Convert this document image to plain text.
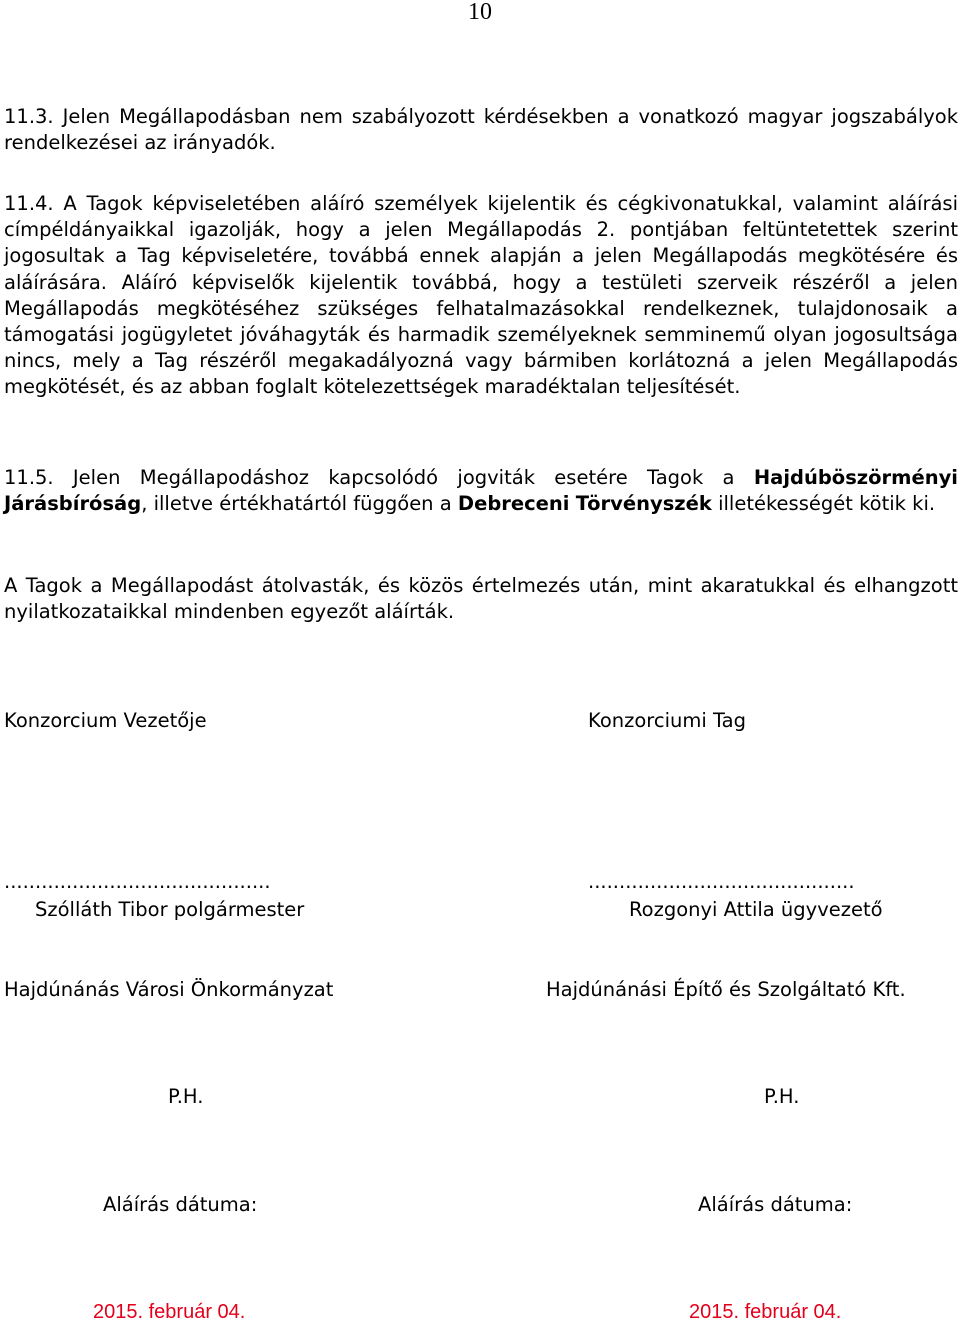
10

11.3. Jelen Megállapodásban nem szabályozott kérdésekben a vonatkozó magyar jogszabályok rendelkezései az irányadók.

11.4. A Tagok képviseletében aláíró személyek kijelentik és cégkivonatukkal, valamint aláírási címpéldányaikkal igazolják, hogy a jelen Megállapodás 2. pontjában feltüntetettek szerint jogosultak a Tag képviseletére, továbbá ennek alapján a jelen Megállapodás megkötésére és aláírására. Aláíró képviselők kijelentik továbbá, hogy a testületi szerveik részéről a jelen Megállapodás megkötéséhez szükséges felhatalmazásokkal rendelkeznek, tulajdonosaik a támogatási jogügyletet jóváhagyták és harmadik személyeknek semminemű olyan jogosultsága nincs, mely a Tag részéről megakadályozná vagy bármiben korlátozná a jelen Megállapodás megkötését, és az abban foglalt kötelezettségek maradéktalan teljesítését.

11.5. Jelen Megállapodáshoz kapcsolódó jogviták esetére Tagok a Hajdúböszörményi Járásbíróság, illetve értékhatártól függően a Debreceni Törvényszék illetékességét kötik ki.

A Tagok a Megállapodást átolvasták, és közös értelmezés után, mint akaratukkal és elhangzott nyilatkozataikkal mindenben egyezőt aláírták.

Konzorcium Vezetője	Konzorciumi Tag
...........................................	...........................................
Szólláth Tibor polgármester	Rozgonyi Attila ügyvezető
Hajdúnánás Városi Önkormányzat	Hajdúnánási Építő és Szolgáltató Kft.
P.H.	P.H.
Aláírás dátuma:	Aláírás dátuma:
2015. február 04.	2015. február 04.
